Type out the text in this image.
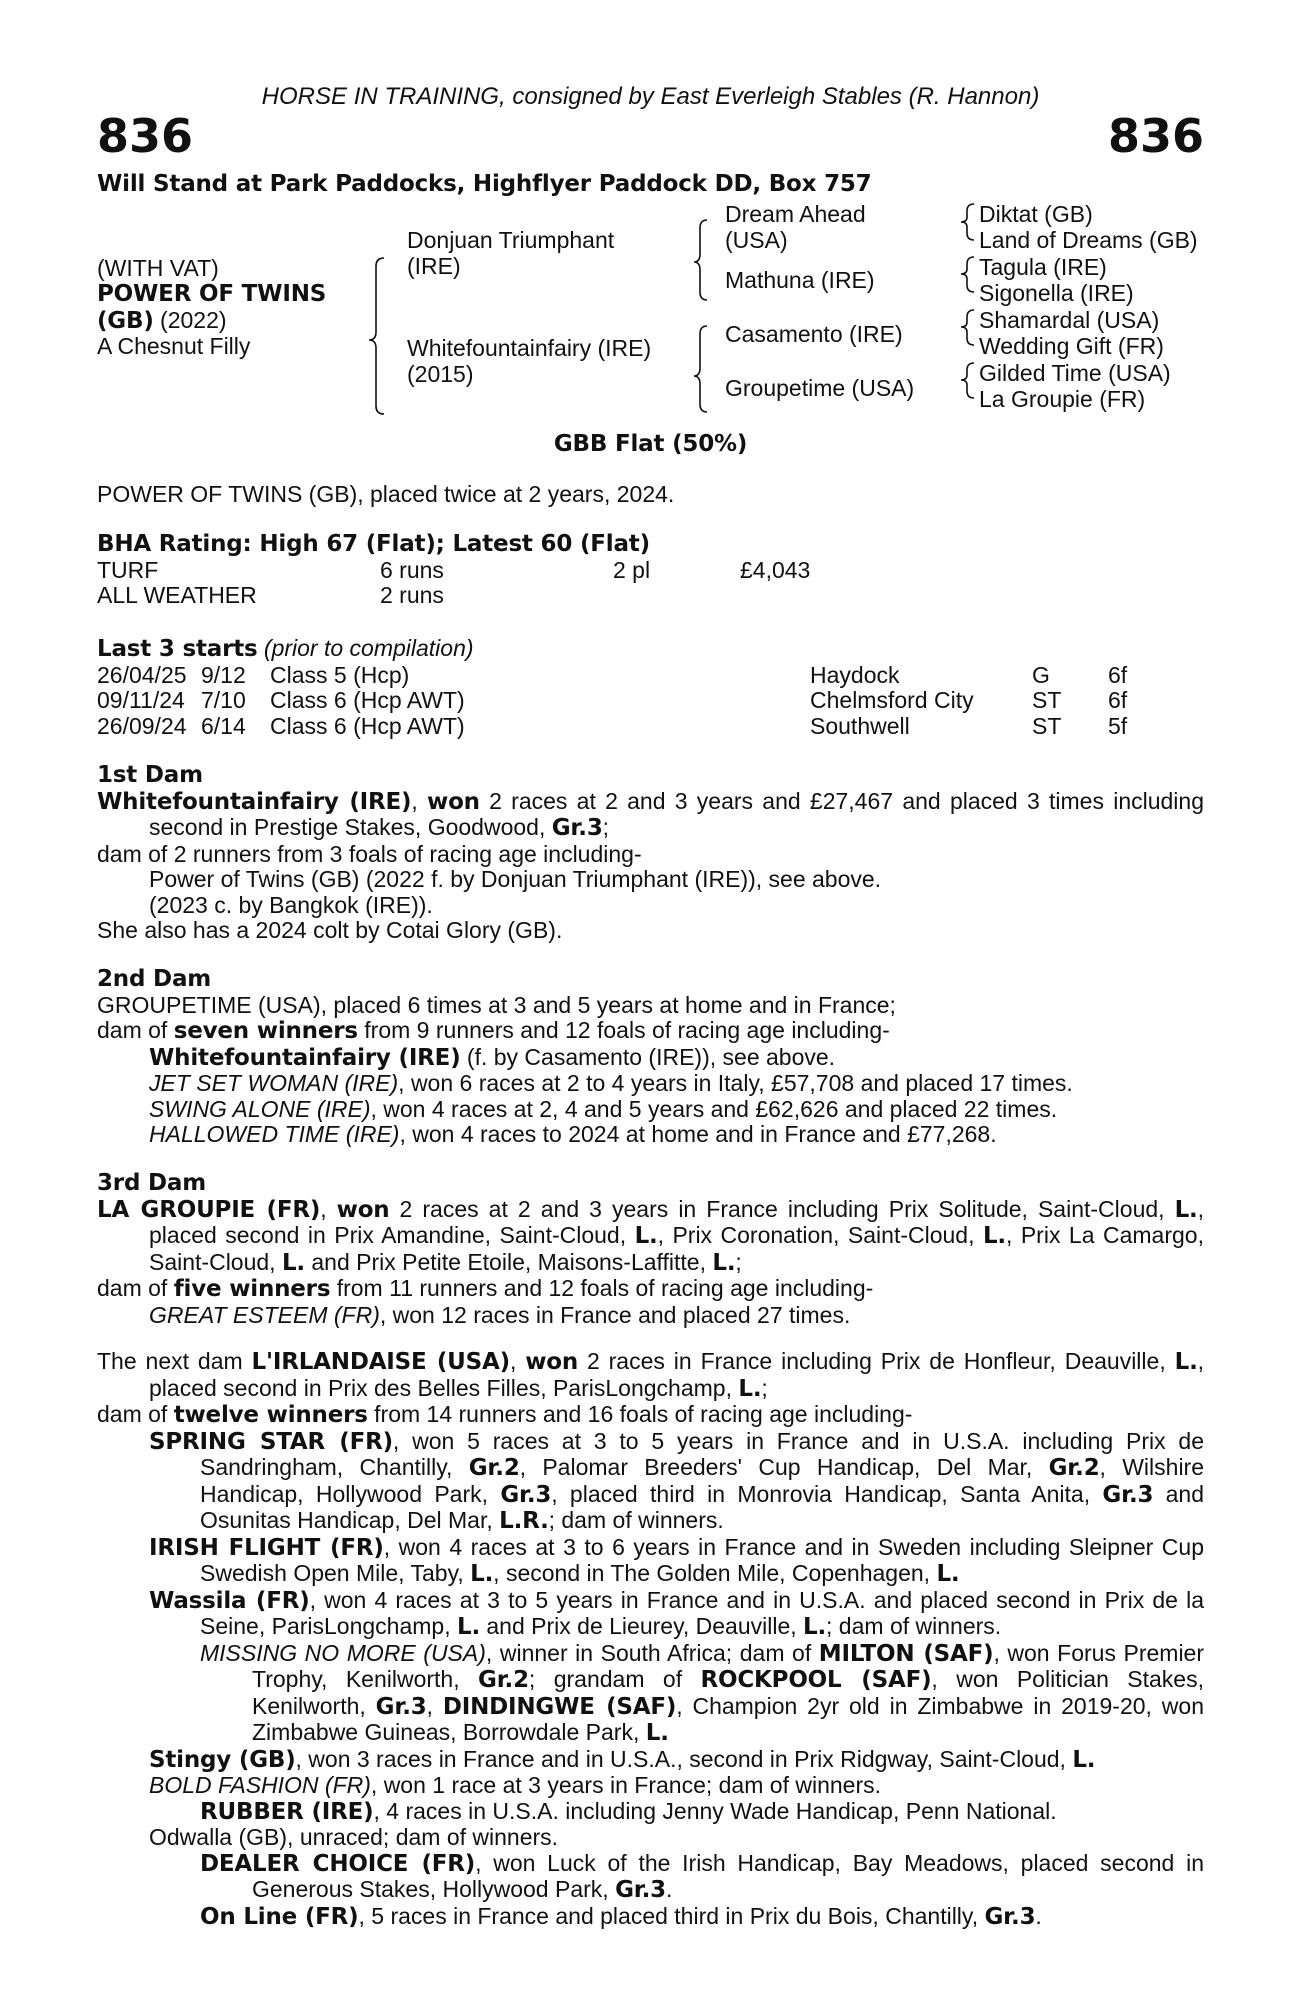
HORSE IN TRAINING, consigned by East Everleigh Stables (R. Hannon)
836	836
Will Stand at Park Paddocks, Highflyer Paddock DD, Box 757
(WITH VAT)
POWER OF TWINS
(GB) (2022)
A Chesnut Filly
Donjuan Triumphant
(IRE)
Whitefountainfairy (IRE)
(2015)
Dream Ahead
(USA)
Mathuna (IRE)
Casamento (IRE)
Groupetime (USA)
Diktat (GB)
Land of Dreams (GB)
Tagula (IRE)
Sigonella (IRE)
Shamardal (USA)
Wedding Gift (FR)
Gilded Time (USA)
La Groupie (FR)
GBB Flat (50%)
POWER OF TWINS (GB), placed twice at 2 years, 2024.
BHA Rating: High 67 (Flat); Latest 60 (Flat)
TURF	6 runs	2 pl	£4,043
ALL WEATHER	2 runs		
Last 3 starts (prior to compilation)
26/04/25	9/12	Class 5 (Hcp)	Haydock	G	6f
09/11/24	7/10	Class 6 (Hcp AWT)	Chelmsford City	ST	6f
26/09/24	6/14	Class 6 (Hcp AWT)	Southwell	ST	5f
1st Dam
Whitefountainfairy (IRE), won 2 races at 2 and 3 years and £27,467 and placed 3 times including second in Prestige Stakes, Goodwood, Gr.3;
dam of 2 runners from 3 foals of racing age including-
Power of Twins (GB) (2022 f. by Donjuan Triumphant (IRE)), see above.
(2023 c. by Bangkok (IRE)).
She also has a 2024 colt by Cotai Glory (GB).
2nd Dam
GROUPETIME (USA), placed 6 times at 3 and 5 years at home and in France;
dam of seven winners from 9 runners and 12 foals of racing age including-
Whitefountainfairy (IRE) (f. by Casamento (IRE)), see above.
JET SET WOMAN (IRE), won 6 races at 2 to 4 years in Italy, £57,708 and placed 17 times.
SWING ALONE (IRE), won 4 races at 2, 4 and 5 years and £62,626 and placed 22 times.
HALLOWED TIME (IRE), won 4 races to 2024 at home and in France and £77,268.
3rd Dam
LA GROUPIE (FR), won 2 races at 2 and 3 years in France including Prix Solitude, Saint-Cloud, L., placed second in Prix Amandine, Saint-Cloud, L., Prix Coronation, Saint-Cloud, L., Prix La Camargo, Saint-Cloud, L. and Prix Petite Etoile, Maisons-Laffitte, L.;
dam of five winners from 11 runners and 12 foals of racing age including-
GREAT ESTEEM (FR), won 12 races in France and placed 27 times.
The next dam L'IRLANDAISE (USA), won 2 races in France including Prix de Honfleur, Deauville, L., placed second in Prix des Belles Filles, ParisLongchamp, L.;
dam of twelve winners from 14 runners and 16 foals of racing age including-
SPRING STAR (FR), won 5 races at 3 to 5 years in France and in U.S.A. including Prix de Sandringham, Chantilly, Gr.2, Palomar Breeders' Cup Handicap, Del Mar, Gr.2, Wilshire Handicap, Hollywood Park, Gr.3, placed third in Monrovia Handicap, Santa Anita, Gr.3 and Osunitas Handicap, Del Mar, L.R.; dam of winners.
IRISH FLIGHT (FR), won 4 races at 3 to 6 years in France and in Sweden including Sleipner Cup Swedish Open Mile, Taby, L., second in The Golden Mile, Copenhagen, L.
Wassila (FR), won 4 races at 3 to 5 years in France and in U.S.A. and placed second in Prix de la Seine, ParisLongchamp, L. and Prix de Lieurey, Deauville, L.; dam of winners.
MISSING NO MORE (USA), winner in South Africa; dam of MILTON (SAF), won Forus Premier Trophy, Kenilworth, Gr.2; grandam of ROCKPOOL (SAF), won Politician Stakes, Kenilworth, Gr.3, DINDINGWE (SAF), Champion 2yr old in Zimbabwe in 2019-20, won Zimbabwe Guineas, Borrowdale Park, L.
Stingy (GB), won 3 races in France and in U.S.A., second in Prix Ridgway, Saint-Cloud, L.
BOLD FASHION (FR), won 1 race at 3 years in France; dam of winners.
RUBBER (IRE), 4 races in U.S.A. including Jenny Wade Handicap, Penn National.
Odwalla (GB), unraced; dam of winners.
DEALER CHOICE (FR), won Luck of the Irish Handicap, Bay Meadows, placed second in Generous Stakes, Hollywood Park, Gr.3.
On Line (FR), 5 races in France and placed third in Prix du Bois, Chantilly, Gr.3.
